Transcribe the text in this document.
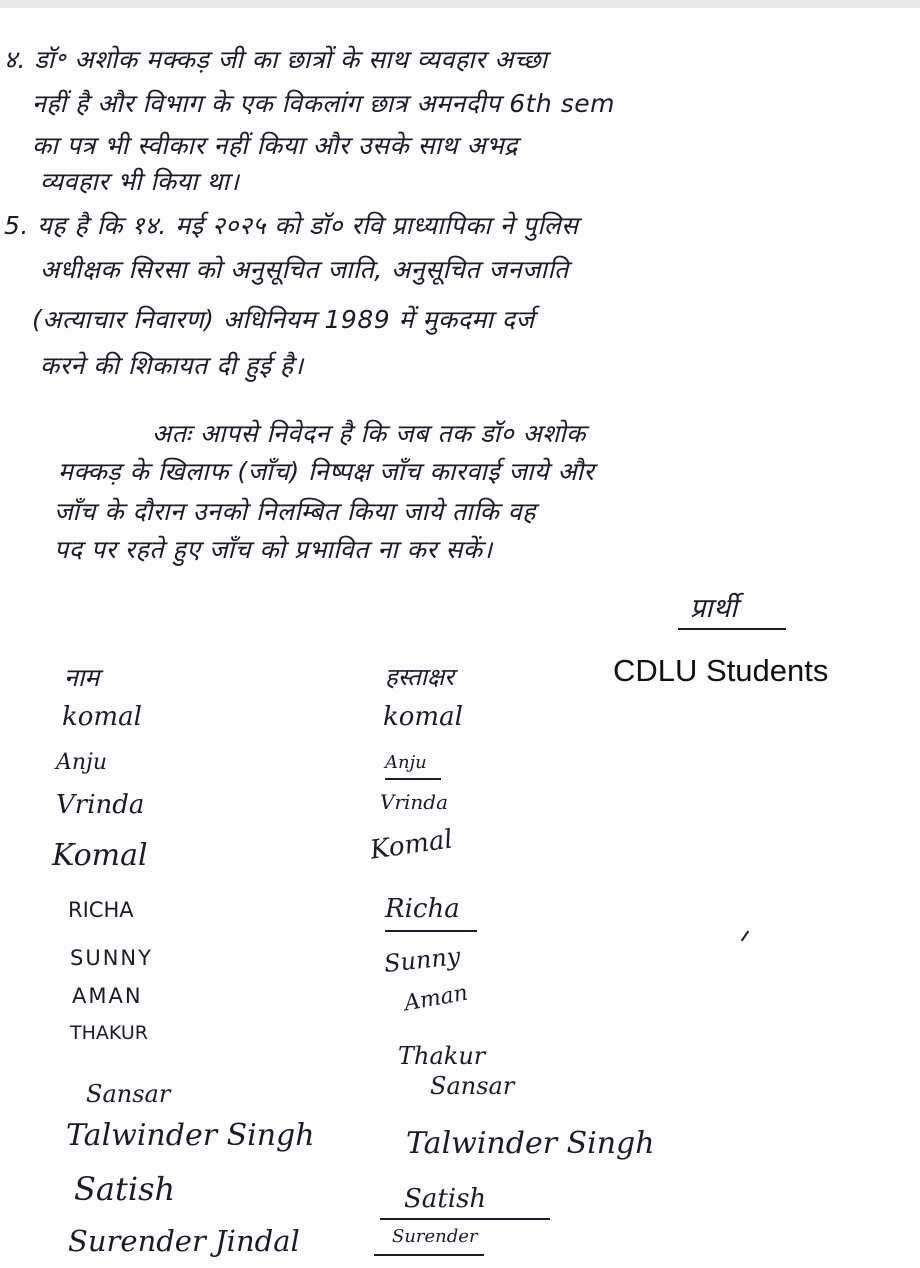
४. डॉ॰ अशोक मक्कड़ जी का छात्रों के साथ व्यवहार अच्छा
नहीं है और विभाग के एक विकलांग छात्र अमनदीप 6th sem
का पत्र भी स्वीकार नहीं किया और उसके साथ अभद्र
व्यवहार भी किया था।
5. यह है कि १४. मई २०२५ को डॉ० रवि प्राध्यापिका ने पुलिस
अधीक्षक सिरसा को अनुसूचित जाति, अनुसूचित जनजाति
(अत्याचार निवारण) अधिनियम 1989 में मुकदमा दर्ज
करने की शिकायत दी हुई है।
अतः आपसे निवेदन है कि जब तक डॉ० अशोक
मक्कड़ के खिलाफ (जाँच) निष्पक्ष जाँच कारवाई जाये और
जाँच के दौरान उनको निलम्बित किया जाये ताकि वह
पद पर रहते हुए जाँच को प्रभावित ना कर सकें।
प्रार्थी
CDLU Students
नाम	हस्ताक्षर
komal
Anju
Vrinda
Komal
RICHA
SUNNY
AMAN
THAKUR
Sansar
Talwinder Singh
Satish
Surender Jindal
komal
Anju
Vrinda
Komal
Richa
Sunny
Aman
Thakur
Sansar
Talwinder Singh
Satish
Surender
